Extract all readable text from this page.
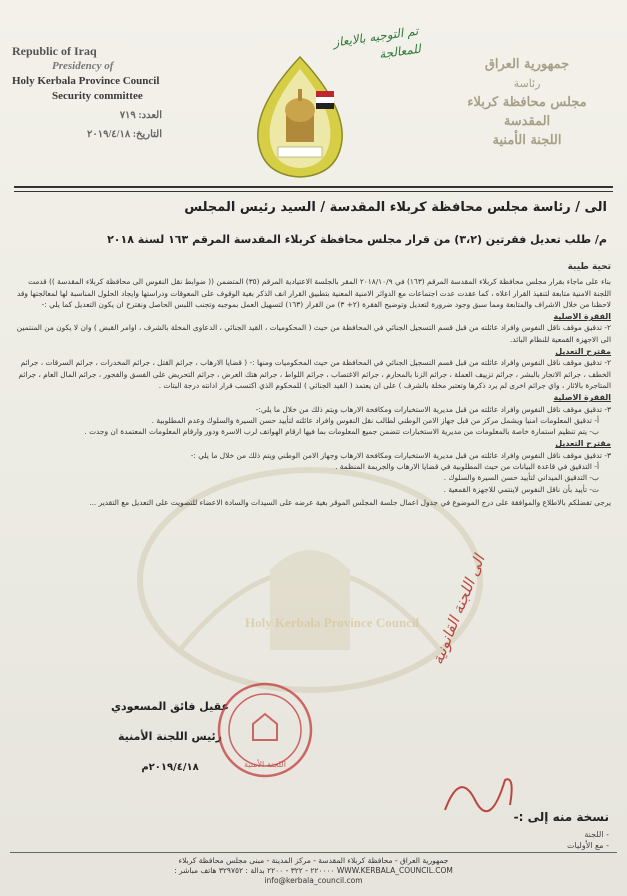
Holy Kerbala Province Council
Republic of Iraq
Presidency of
Holy Kerbala Province Council
Security committee
العدد: ٧١٩
التاريخ: ٢٠١٩/٤/١٨
تم التوجيه بالايعاز للمعالجة
جمهورية العراق
رئاسة
مجلس محافظة كربلاء المقدسة
اللجنة الأمنية
الى / رئاسة مجلس محافظة كربلاء المقدسة / السيد رئيس المجلس
م/ طلب تعديل فقرتين (٣،٢) من قرار مجلس محافظة كربلاء المقدسة المرقم ١٦٣ لسنة ٢٠١٨

تحية طيبة

بناء على ماجاء بقرار مجلس محافظة كربلاء المقدسة المرقم (١٦٣) في ٢٠١٨/١٠/٩ المقر بالجلسة الاعتيادية المرقم (٣٥) المتضمن (( ضوابط نقل النفوس الى محافظة كربلاء المقدسة )) قدمت اللجنة الامنية متابعة لتنفيذ القرار اعلاه ، كما عقدت عدت اجتماعات مع الدوائر الامنية المعنية بتطبيق القرار انف الذكر بغية الوقوف على المعوقات ودراستها وايجاد الحلول المناسبة لها لمعالجتها وقد لاحظنا من خلال الاشراف والمتابعة ومما سبق وجود ضرورة لتعديل وتوضيح الفقرة (٢+ ٣) من القرار (١٦٣) لتسهيل العمل بموجبه وتجنب اللبس الحاصل ونقترح ان يكون التعديل كما يلي :-

الفقرة الاصلية

٢- تدقيق موقف ناقل النفوس وافراد عائلته من قبل قسم التسجيل الجنائي في المحافظة من حيث ( المحكوميات ، القيد الجنائي ، الدعاوى المخلة بالشرف ، اوامر القبض ) وان لا يكون من المنتمين الى الاجهزة القمعية للنظام البائد.

مقترح التعديل

٢- تدقيق موقف ناقل النفوس وافراد عائلته من قبل قسم التسجيل الجنائي في المحافظة من حيث المحكوميات ومنها :- ( قضايا الارهاب ، جرائم القتل ، جرائم المخدرات ، جرائم السرقات ، جرائم الخطف ، جرائم الاتجار بالبشر ، جرائم تزييف العملة ، جرائم الزنا بالمحارم ، جرائم الاغتصاب ، جرائم اللواط ، جرائم هتك العرض ، جرائم التحريض على الفسق والفجور ، جرائم المال العام ، جرائم المتاجرة بالاثار ، واي جرائم اخرى لم يرد ذكرها وتعتبر مخلة بالشرف ) على ان يعتمد ( القيد الجنائي ) للمحكوم الذي اكتسب قرار ادانته درجة البتات .

الفقرة الاصلية

٣- تدقيق موقف ناقل النفوس وافراد عائلته من قبل مديرية الاستخبارات ومكافحة الارهاب ويتم ذلك من خلال ما يلي:-

أ- تدقيق المعلومات امنيا ويشمل مركز من قبل جهاز الامن الوطني لطالب نقل النفوس وافراد عائلته لتأييد حسن السيرة والسلوك وعدم المطلوبية .

ب- يتم تنظيم استمارة خاصة بالمعلومات من مديرية الاستخبارات تتضمن جميع المعلومات بما فيها ارقام الهواتف لرب الاسرة ودور وارقام المعلومات المعتمدة ان وجدت .

مقترح التعديل

٣- تدقيق موقف ناقل النفوس وافراد عائلته من قبل مديرية الاستخبارات ومكافحة الارهاب وجهاز الامن الوطني ويتم ذلك من خلال ما يلي :-

أ- التدقيق في قاعدة البيانات من حيث المطلوبية في قضايا الارهاب والجريمة المنظمة .

ب- التدقيق الميداني لتأييد حسن السيرة والسلوك .

ت- تأييد بأن ناقل النفوس لاينتمي للاجهزة القمعية .

يرجى تفضلكم بالاطلاع والموافقة على درج الموضوع في جدول اعمال جلسة المجلس الموقر بغية عرضه على السيدات والسادة الاعضاء للتصويت على التعديل مع التقدير ...

عقيل فائق المسعودي
رئيس اللجنة الأمنية
٢٠١٩/٤/١٨م	اللجنة الأمنية
الى اللجنة القانونية
نسخة منه إلى :-
- اللجنة
- مع الأوليات
جمهورية العراق - محافظة كربلاء المقدسة - مركز المدينة - مبنى مجلس محافظة كربلاء
WWW.KERBALA_COUNCIL.COM ٢٢٠٠٠٠ - ٣٢٢ - ٢٢٠٠ بدالة : ٣٢٩٧٥٢ هاتف مباشر :
info@kerbala_council.com
